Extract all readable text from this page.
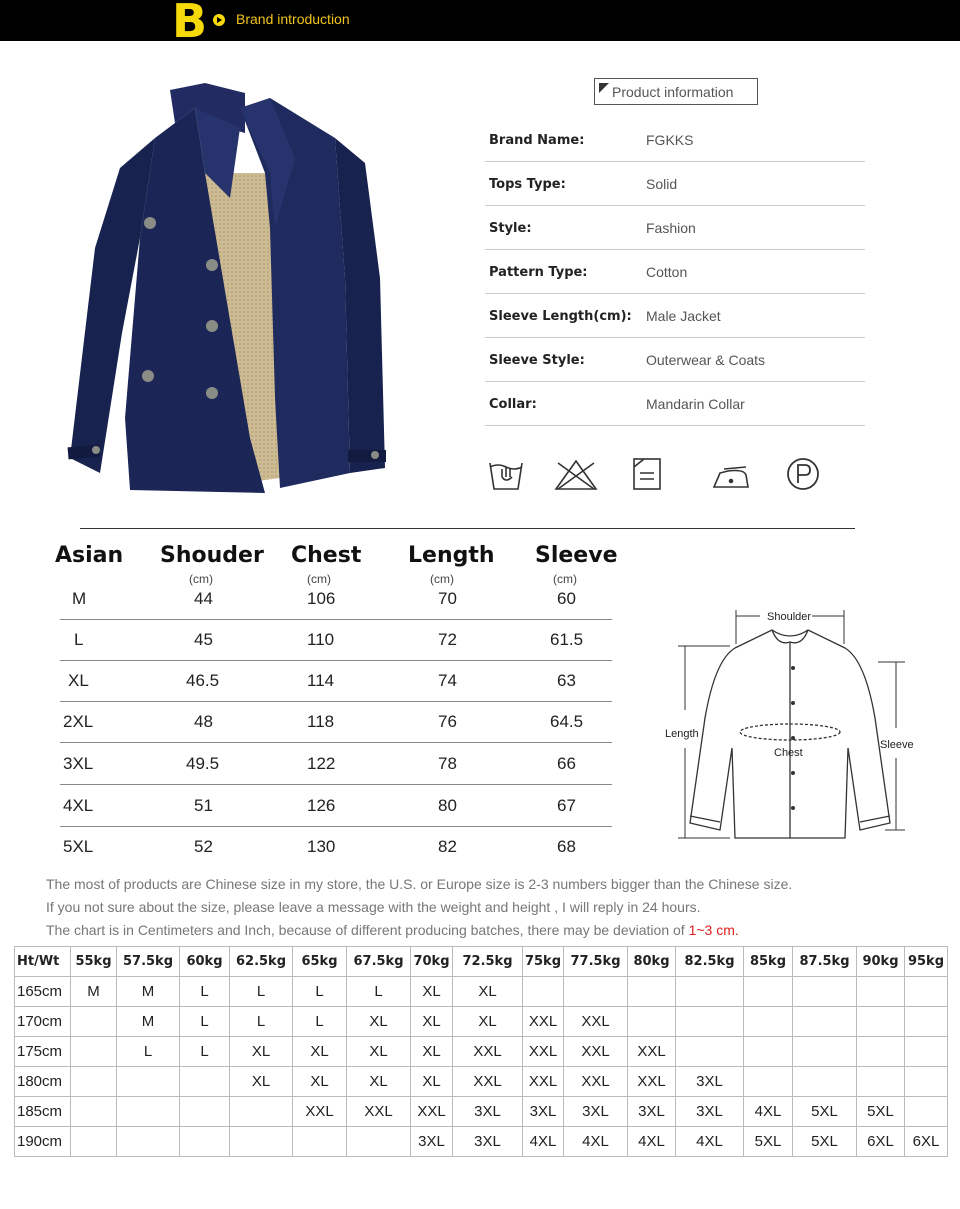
B Brand introduction
Product information
Brand Name:	FGKKS
Tops Type:	Solid
Style:	Fashion
Pattern Type:	Cotton
Sleeve Length(cm): Male Jacket
Sleeve Style:	Outerwear & Coats
Collar:	Mandarin Collar
Asian Shouder Chest Length Sleeve
(cm)	(cm)	(cm)	(cm)
M	44	106	70	60
L	45	110	72	61.5
XL	46.5	114	74	63
2XL	48	118	76	64.5
3XL	49.5	122	78	66
4XL	51	126	80	67
5XL	52	130	82	68
Shoulder
Length
Chest
Sleeve
The most of products are Chinese size in my store, the U.S. or Europe size is 2-3 numbers bigger than the Chinese size.
If you not sure about the size, please leave a message with the weight and height , I will reply in 24 hours.
The chart is in Centimeters and Inch, because of different producing batches, there may be deviation of 1~3 cm.
Ht/Wt	55kg	57.5kg	60kg	62.5kg	65kg	67.5kg	70kg	72.5kg	75kg	77.5kg	80kg	82.5kg	85kg	87.5kg	90kg	95kg
165cm	M	M	L	L	L	L	XL	XL								
170cm		M	L	L	L	XL	XL	XL	XXL	XXL						
175cm		L	L	XL	XL	XL	XL	XXL	XXL	XXL	XXL					
180cm				XL	XL	XL	XL	XXL	XXL	XXL	XXL	3XL				
185cm					XXL	XXL	XXL	3XL	3XL	3XL	3XL	3XL	4XL	5XL	5XL	
190cm							3XL	3XL	4XL	4XL	4XL	4XL	5XL	5XL	6XL	6XL
